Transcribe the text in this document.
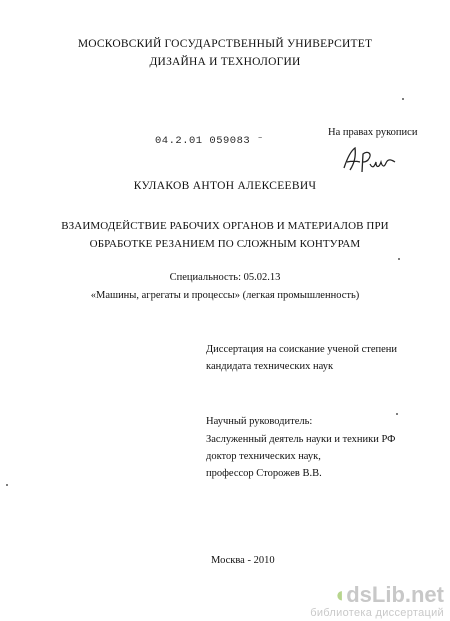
МОСКОВСКИЙ ГОСУДАРСТВЕННЫЙ УНИВЕРСИТЕТ
ДИЗАЙНА И ТЕХНОЛОГИИ
04.2.01 059083 ⁻
На правах рукописи
КУЛАКОВ АНТОН АЛЕКСЕЕВИЧ
ВЗАИМОДЕЙСТВИЕ РАБОЧИХ ОРГАНОВ И МАТЕРИАЛОВ ПРИ
ОБРАБОТКЕ РЕЗАНИЕМ ПО СЛОЖНЫМ КОНТУРАМ
Специальность: 05.02.13
«Машины, агрегаты и процессы» (легкая промышленность)
Диссертация на соискание ученой степени
кандидата технических наук
Научный руководитель:
Заслуженный деятель науки и техники РФ
доктор технических наук,
профессор Сторожев В.В.
Москва - 2010
◖dsLib.net
библиотека диссертаций
